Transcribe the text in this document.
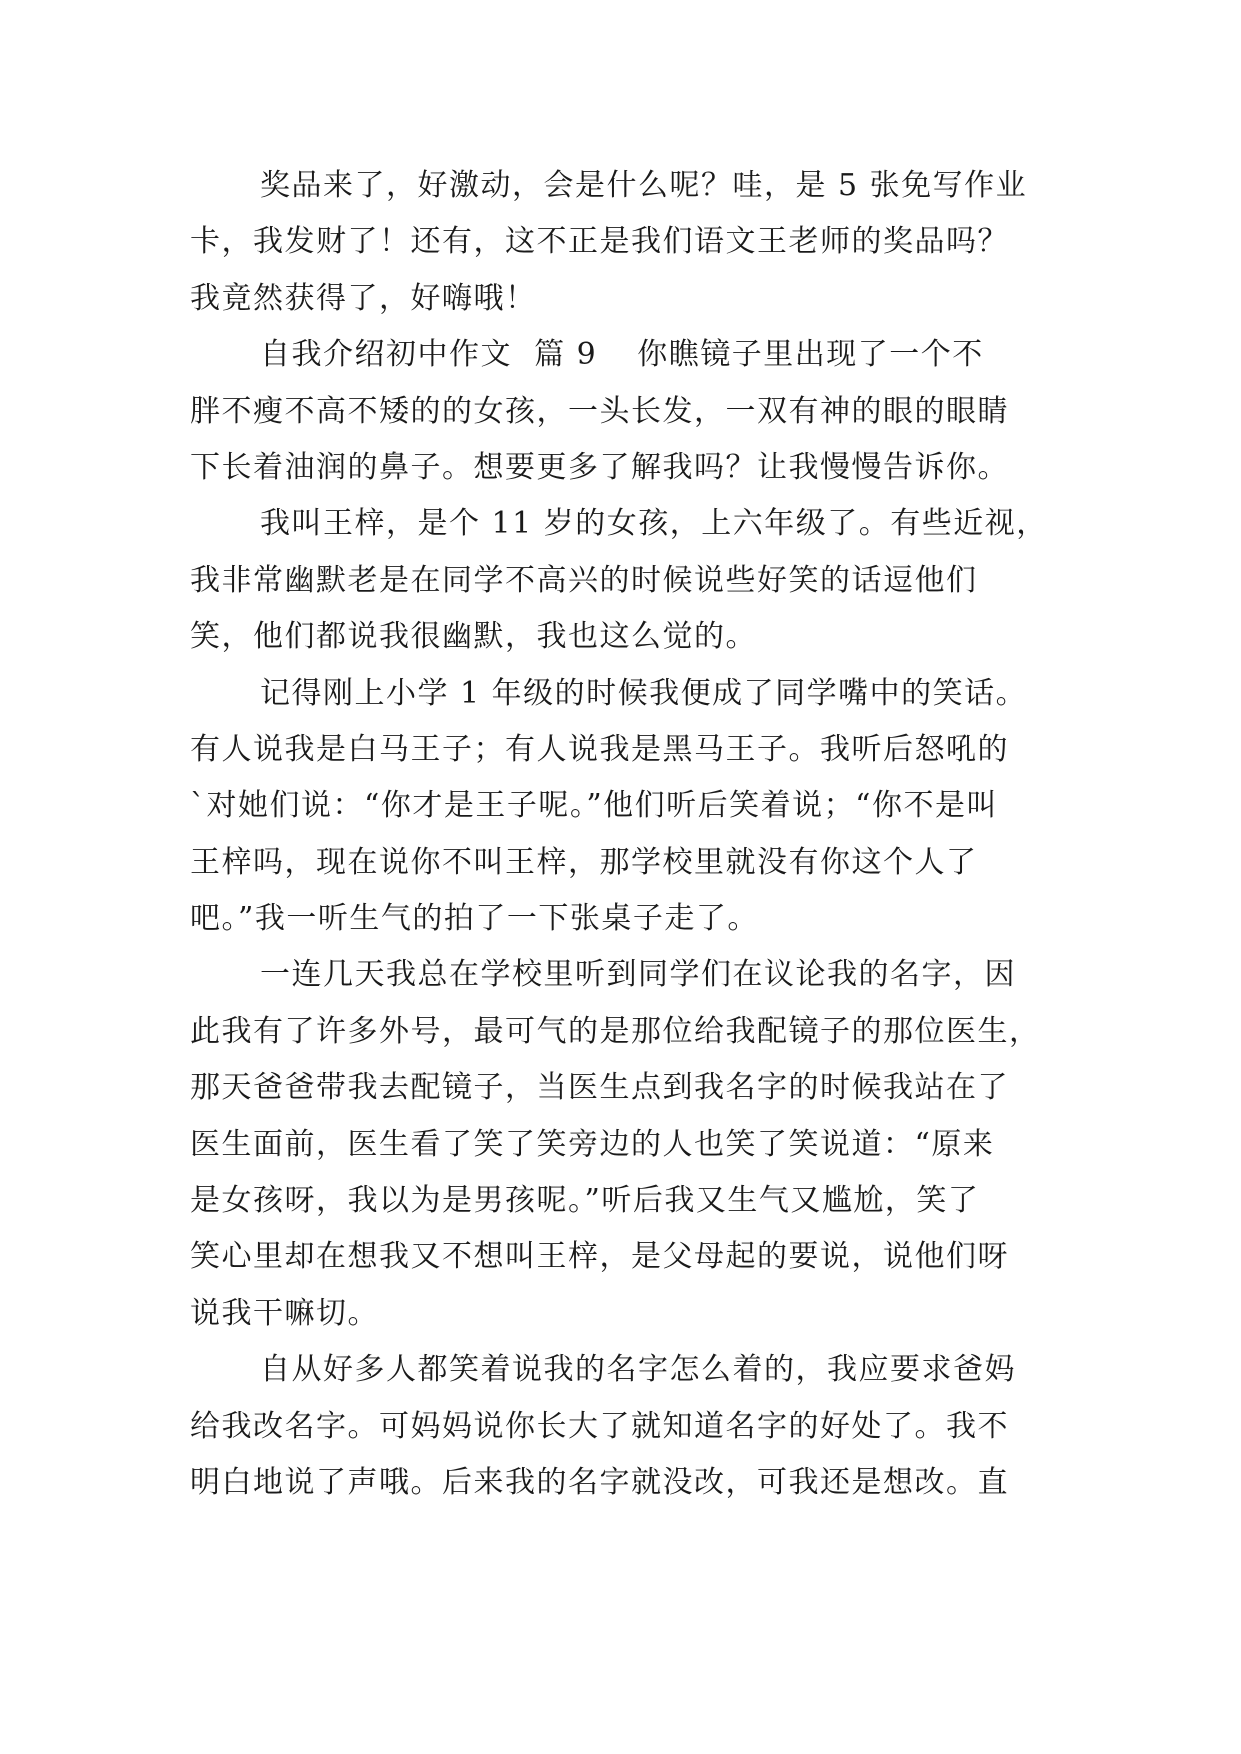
奖品来了，好激动，会是什么呢？哇，是 5 张免写作业
卡，我发财了！还有，这不正是我们语文王老师的奖品吗？
我竟然获得了，好嗨哦！
自我介绍初中作文  篇 9 你瞧镜子里出现了一个不
胖不瘦不高不矮的的女孩，一头长发，一双有神的眼的眼睛
下长着油润的鼻子。想要更多了解我吗？让我慢慢告诉你。
我叫王梓，是个 11 岁的女孩，上六年级了。有些近视，
我非常幽默老是在同学不高兴的时候说些好笑的话逗他们
笑，他们都说我很幽默，我也这么觉的。
记得刚上小学 1 年级的时候我便成了同学嘴中的笑话。
有人说我是白马王子；有人说我是黑马王子。我听后怒吼的
`对她们说：“你才是王子呢。”他们听后笑着说；“你不是叫
王梓吗，现在说你不叫王梓，那学校里就没有你这个人了
吧。”我一听生气的拍了一下张桌子走了。
一连几天我总在学校里听到同学们在议论我的名字，因
此我有了许多外号，最可气的是那位给我配镜子的那位医生，
那天爸爸带我去配镜子，当医生点到我名字的时候我站在了
医生面前，医生看了笑了笑旁边的人也笑了笑说道：“原来
是女孩呀，我以为是男孩呢。”听后我又生气又尴尬，笑了
笑心里却在想我又不想叫王梓，是父母起的要说，说他们呀
说我干嘛切。
自从好多人都笑着说我的名字怎么着的，我应要求爸妈
给我改名字。可妈妈说你长大了就知道名字的好处了。我不
明白地说了声哦。后来我的名字就没改，可我还是想改。直
